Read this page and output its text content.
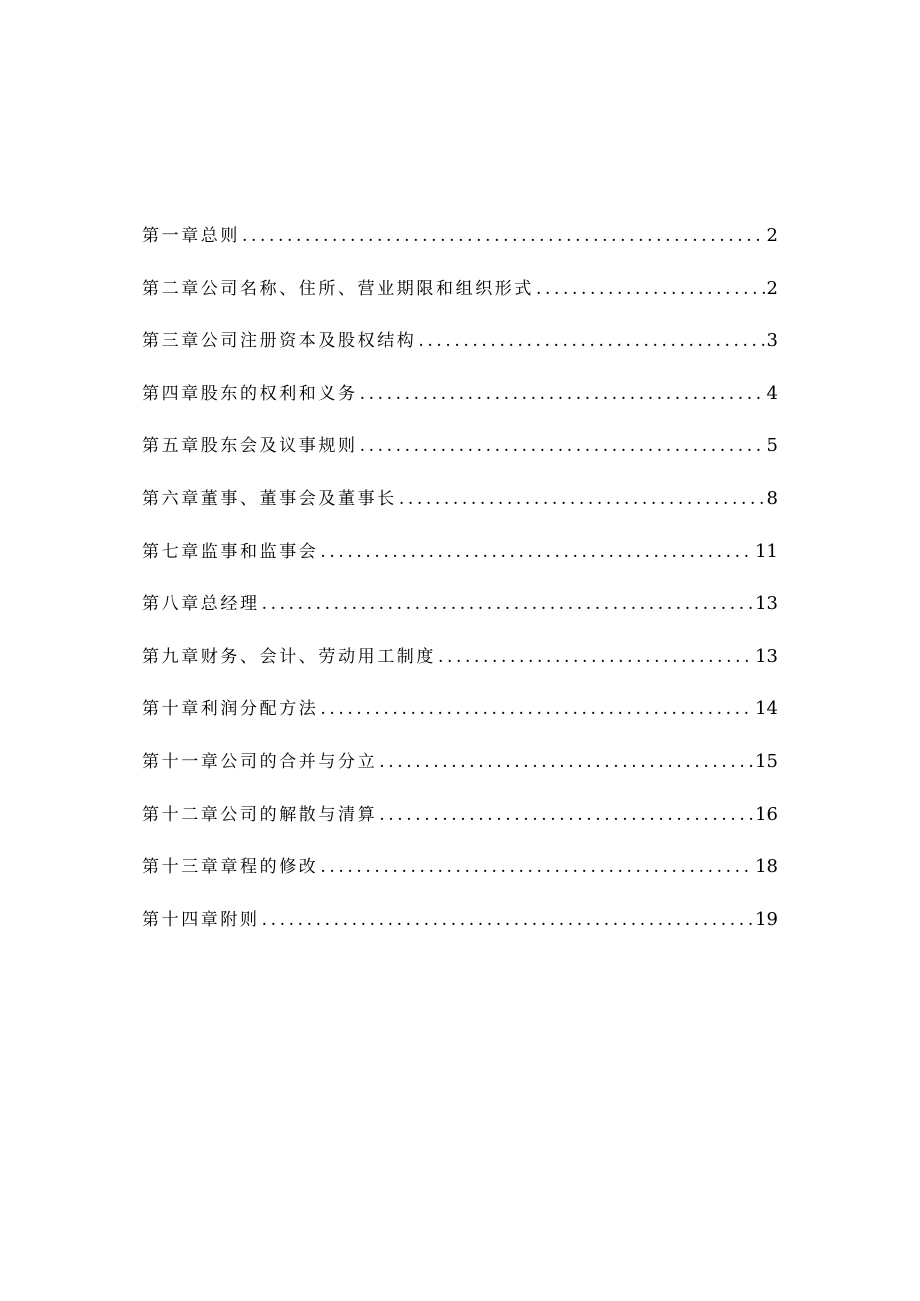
第一章总则 .....	2
第二章公司名称、住所、营业期限和组织形式 .....	2
第三章公司注册资本及股权结构 .....	3
第四章股东的权利和义务 .....	4
第五章股东会及议事规则 .....	5
第六章董事、董事会及董事长 .....	8
第七章监事和监事会 .....	11
第八章总经理 .....	13
第九章财务、会计、劳动用工制度 .....	13
第十章利润分配方法 .....	14
第十一章公司的合并与分立 .....	15
第十二章公司的解散与清算 .....	16
第十三章章程的修改 .....	18
第十四章附则 .....	19
